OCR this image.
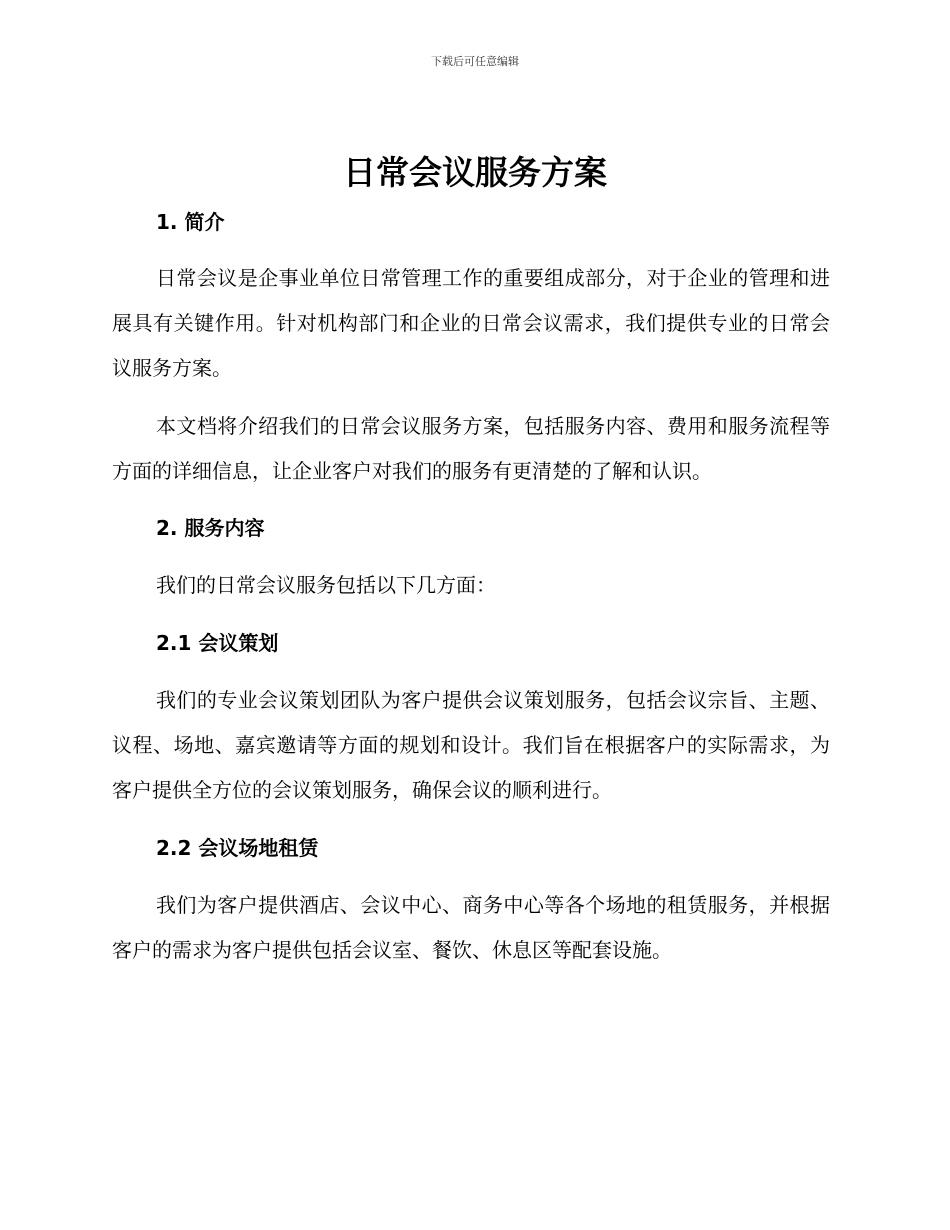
下载后可任意编辑
日常会议服务方案
1. 简介

日常会议是企事业单位日常管理工作的重要组成部分，对于企业的管理和进展具有关键作用。针对机构部门和企业的日常会议需求，我们提供专业的日常会议服务方案。

本文档将介绍我们的日常会议服务方案，包括服务内容、费用和服务流程等方面的详细信息，让企业客户对我们的服务有更清楚的了解和认识。

2. 服务内容

我们的日常会议服务包括以下几方面：

2.1 会议策划

我们的专业会议策划团队为客户提供会议策划服务，包括会议宗旨、主题、议程、场地、嘉宾邀请等方面的规划和设计。我们旨在根据客户的实际需求，为客户提供全方位的会议策划服务，确保会议的顺利进行。

2.2 会议场地租赁

我们为客户提供酒店、会议中心、商务中心等各个场地的租赁服务，并根据客户的需求为客户提供包括会议室、餐饮、休息区等配套设施。
